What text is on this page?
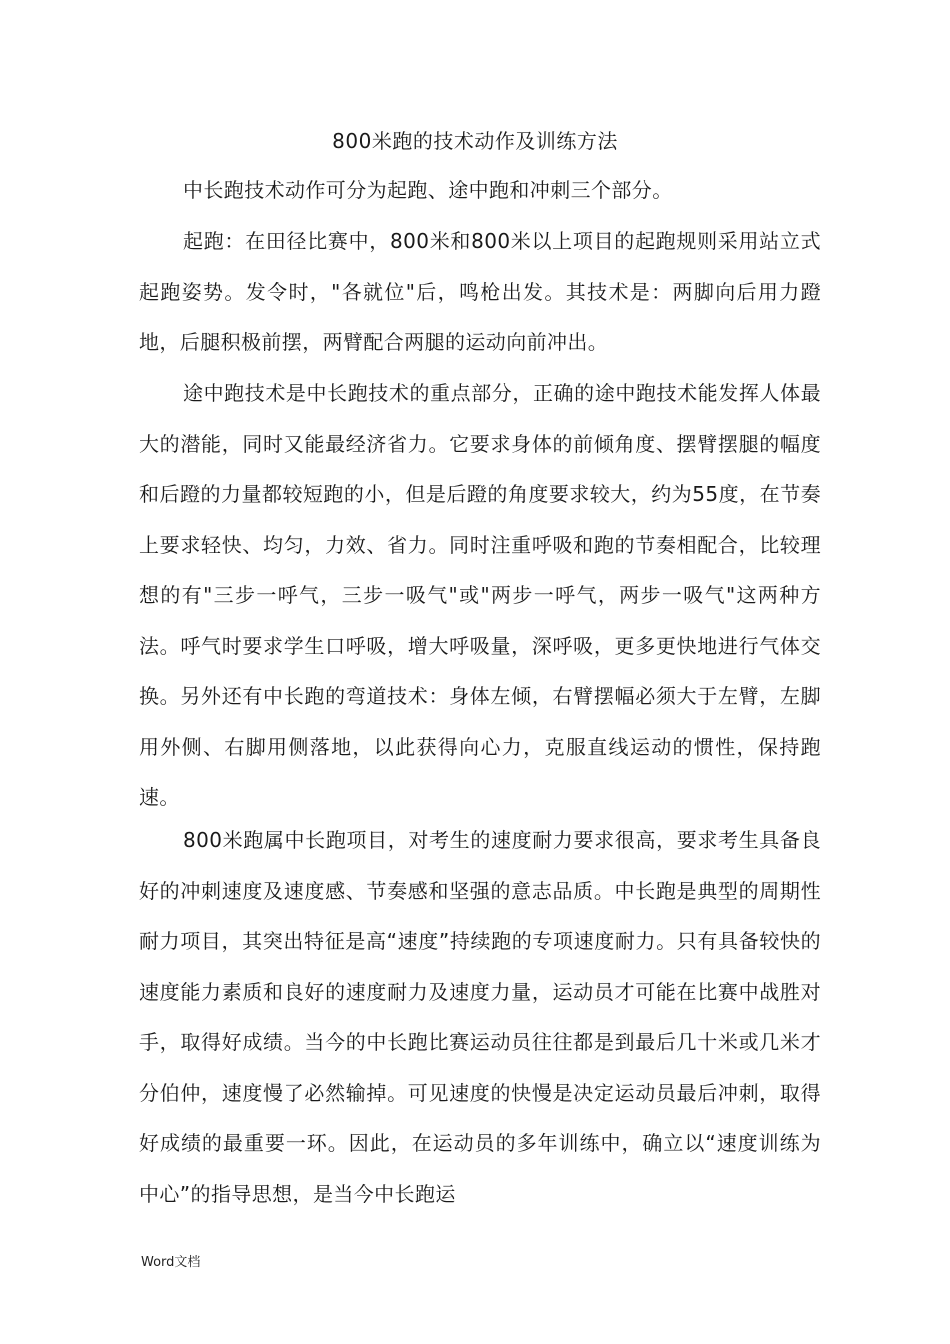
800米跑的技术动作及训练方法

中长跑技术动作可分为起跑、途中跑和冲刺三个部分。

起跑：在田径比赛中，800米和800米以上项目的起跑规则采用站立式起跑姿势。发令时，"各就位"后，鸣枪出发。其技术是：两脚向后用力蹬地，后腿积极前摆，两臂配合两腿的运动向前冲出。

途中跑技术是中长跑技术的重点部分，正确的途中跑技术能发挥人体最大的潜能，同时又能最经济省力。它要求身体的前倾角度、摆臂摆腿的幅度和后蹬的力量都较短跑的小，但是后蹬的角度要求较大，约为55度，在节奏上要求轻快、均匀，力效、省力。同时注重呼吸和跑的节奏相配合，比较理想的有"三步一呼气，三步一吸气"或"两步一呼气，两步一吸气"这两种方法。呼气时要求学生口呼吸，增大呼吸量，深呼吸，更多更快地进行气体交换。另外还有中长跑的弯道技术：身体左倾，右臂摆幅必须大于左臂，左脚用外侧、右脚用侧落地，以此获得向心力，克服直线运动的惯性，保持跑速。

800米跑属中长跑项目，对考生的速度耐力要求很高，要求考生具备良好的冲刺速度及速度感、节奏感和坚强的意志品质。中长跑是典型的周期性耐力项目，其突出特征是高“速度”持续跑的专项速度耐力。只有具备较快的速度能力素质和良好的速度耐力及速度力量，运动员才可能在比赛中战胜对手，取得好成绩。当今的中长跑比赛运动员往往都是到最后几十米或几米才分伯仲，速度慢了必然输掉。可见速度的快慢是决定运动员最后冲刺，取得好成绩的最重要一环。因此，在运动员的多年训练中，确立以“速度训练为中心”的指导思想，是当今中长跑运

Word文档
